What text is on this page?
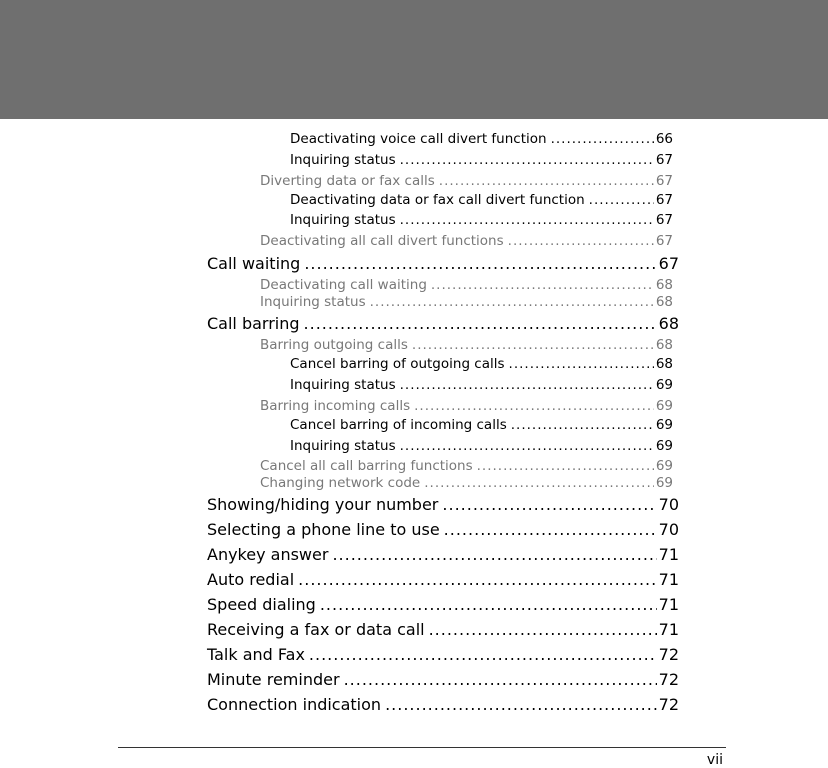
Deactivating voice call divert function .....	66
Inquiring status .....	67
Diverting data or fax calls .....	67
Deactivating data or fax call divert function .....	67
Inquiring status .....	67
Deactivating all call divert functions .....	67
Call waiting .....	67
Deactivating call waiting .....	68
Inquiring status .....	68
Call barring .....	68
Barring outgoing calls .....	68
Cancel barring of outgoing calls .....	68
Inquiring status .....	69
Barring incoming calls .....	69
Cancel barring of incoming calls .....	69
Inquiring status .....	69
Cancel all call barring functions .....	69
Changing network code .....	69
Showing/hiding your number .....	70
Selecting a phone line to use .....	70
Anykey answer .....	71
Auto redial .....	71
Speed dialing .....	71
Receiving a fax or data call .....	71
Talk and Fax .....	72
Minute reminder .....	72
Connection indication .....	72
vii
